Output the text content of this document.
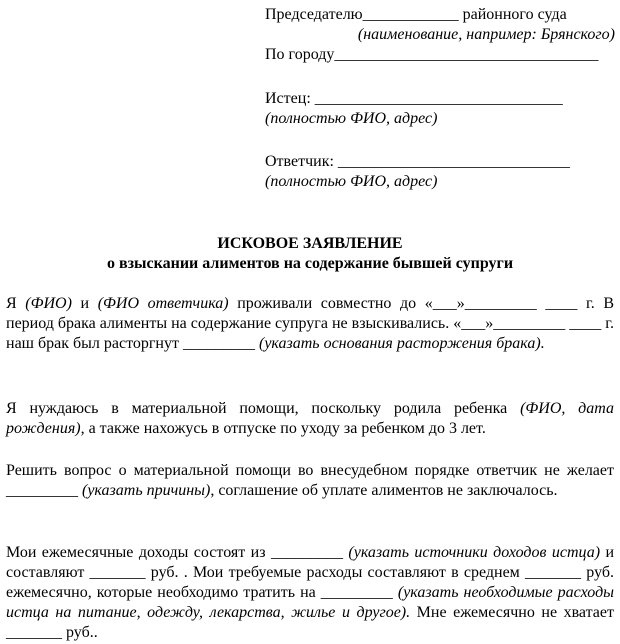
Председателю____________ районного суда
(наименование, например: Брянского)
По городу_________________________________
Истец: _______________________________
(полностью ФИО, адрес)
Ответчик: _____________________________
(полностью ФИО, адрес)
ИСКОВОЕ ЗАЯВЛЕНИЕ
о взыскании алиментов на содержание бывшей супруги
Я (ФИО) и (ФИО ответчика) проживали совместно до «___»_________ ____ г. В период брака алименты на содержание супруга не взыскивались. «___»_________ ____ г. наш брак был расторгнут _________ (указать основания расторжения брака).
Я нуждаюсь в материальной помощи, поскольку родила ребенка (ФИО, дата рождения), а также нахожусь в отпуске по уходу за ребенком до 3 лет.
Решить вопрос о материальной помощи во внесудебном порядке ответчик не желает _________ (указать причины), соглашение об уплате алиментов не заключалось.
Мои ежемесячные доходы состоят из _________ (указать источники доходов истца) и составляют _______ руб. . Мои требуемые расходы составляют в среднем _______ руб. ежемесячно, которые необходимо тратить на _________ (указать необходимые расходы истца на питание, одежду, лекарства, жилье и другое). Мне ежемесячно не хватает _______ руб..
